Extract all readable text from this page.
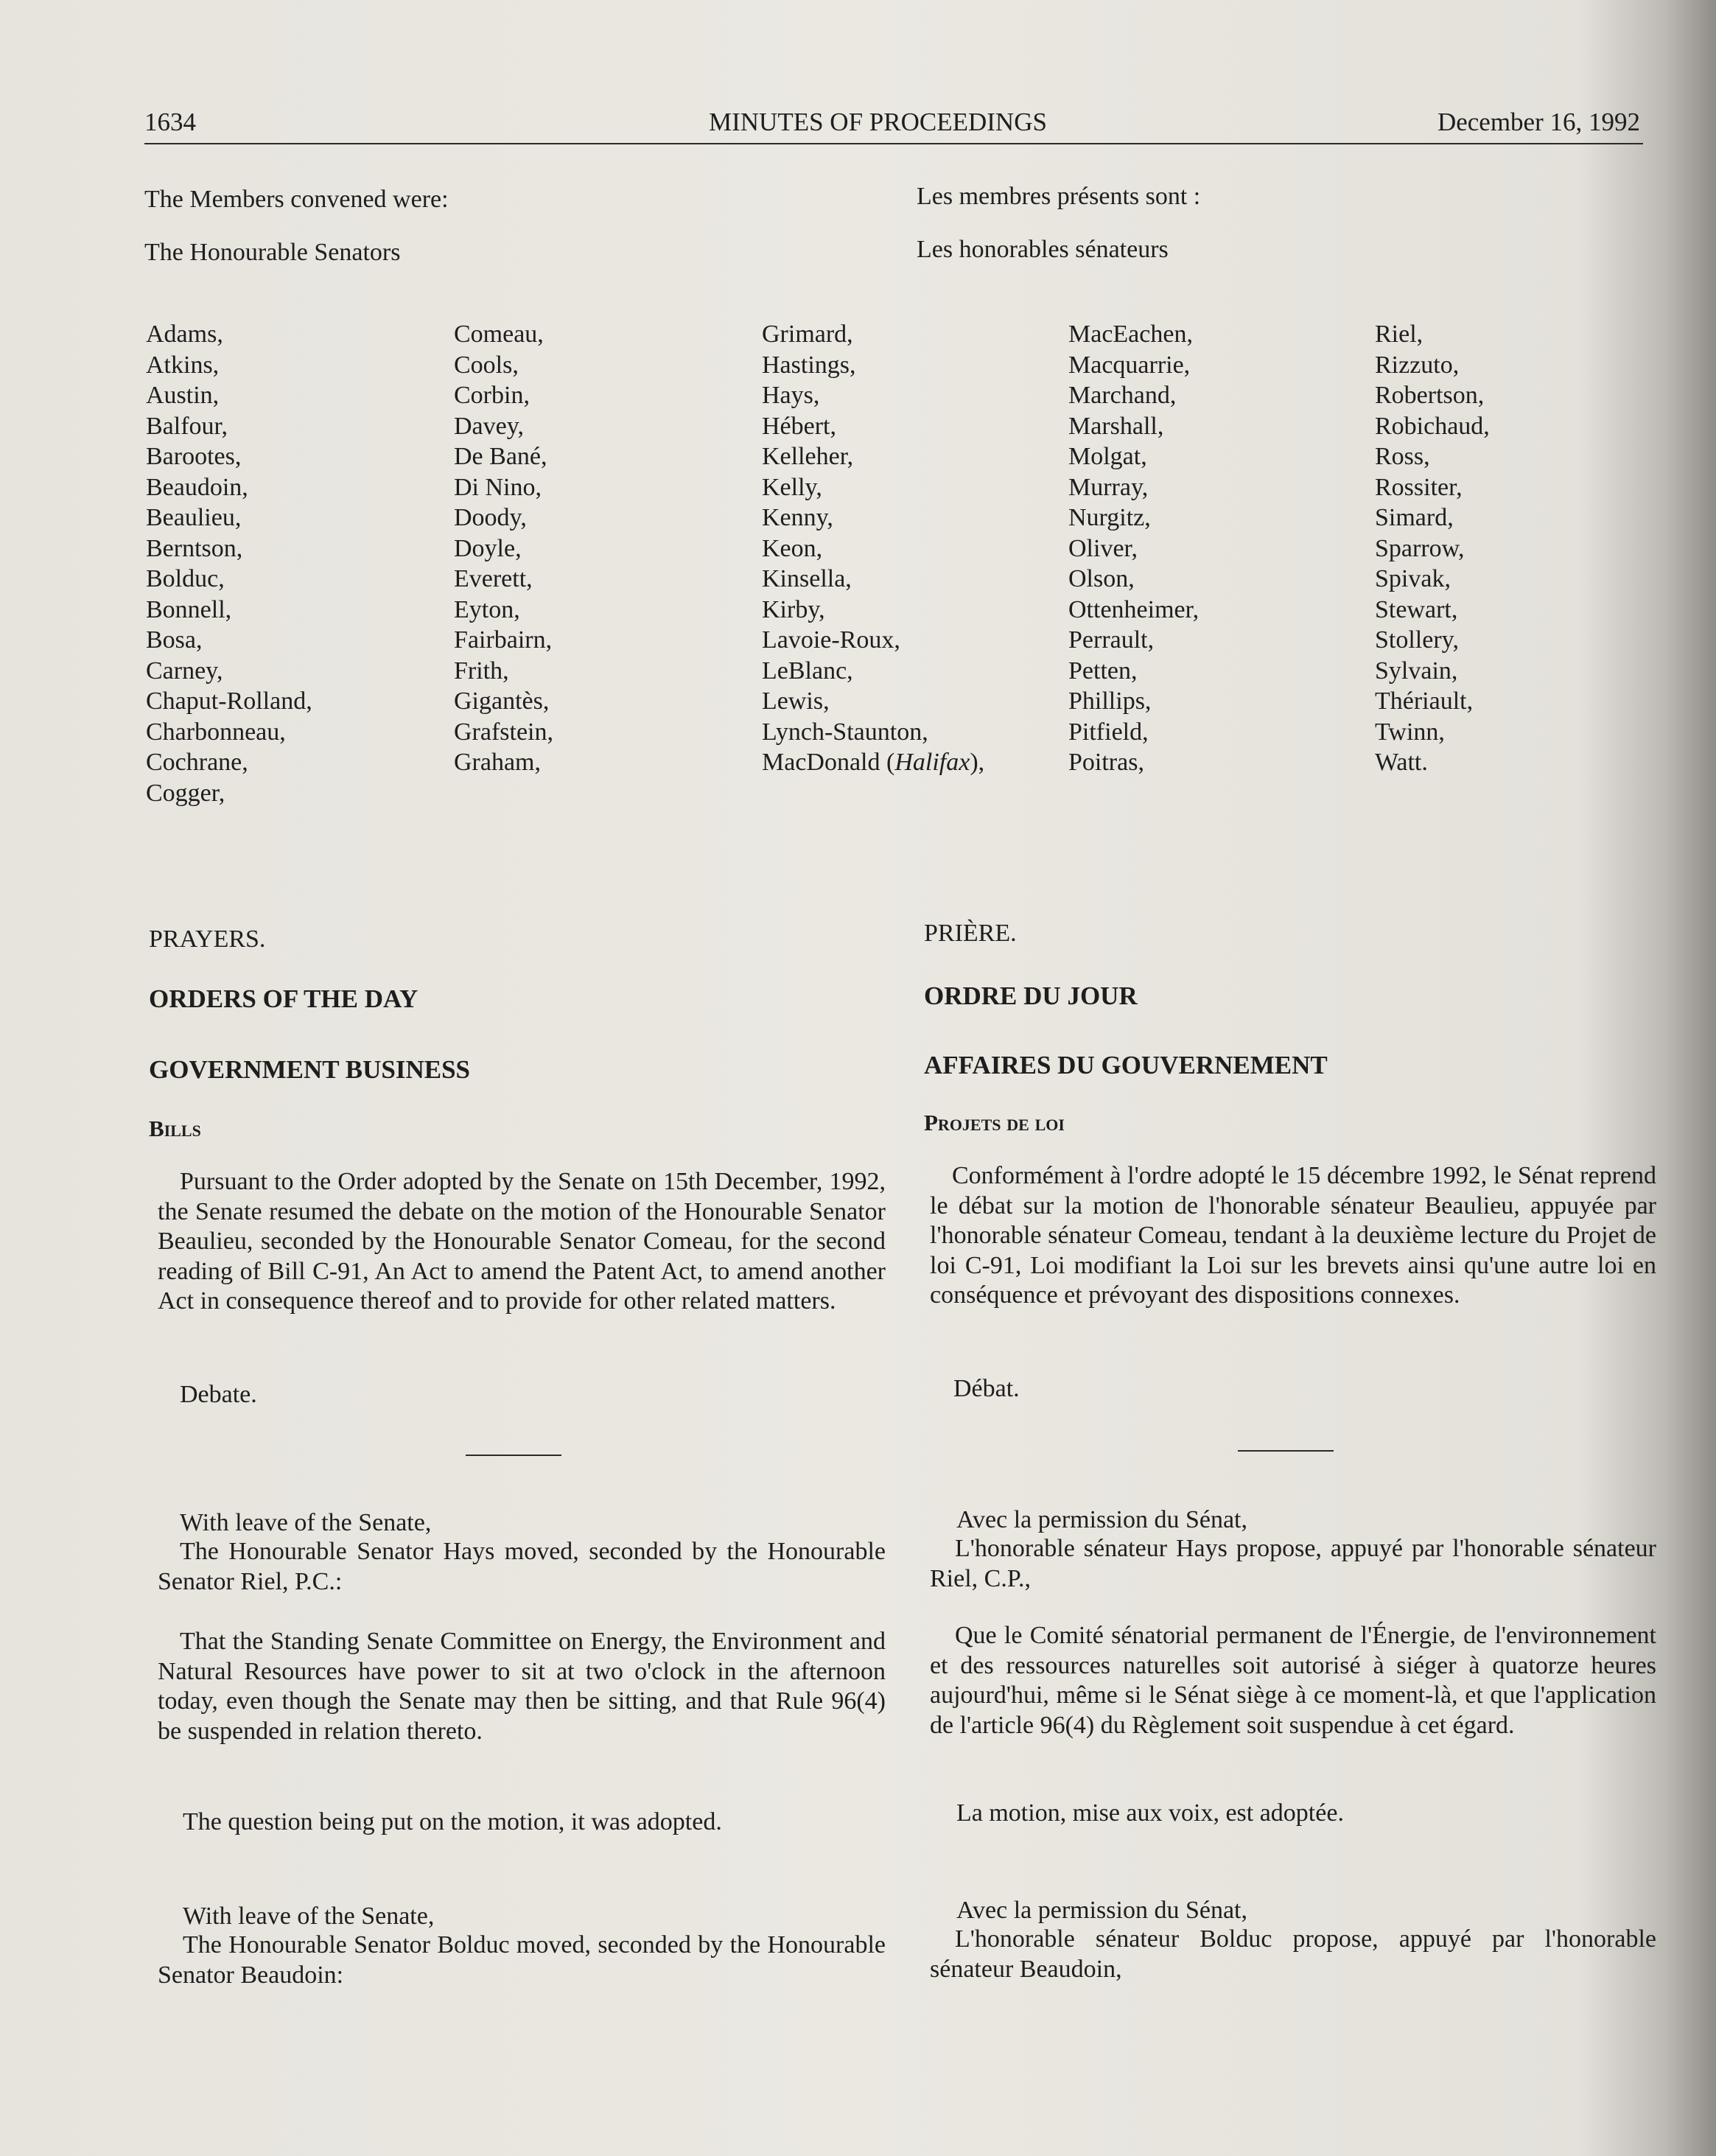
1634	MINUTES OF PROCEEDINGS	December 16, 1992
The Members convened were:
The Honourable Senators
Les membres présents sont :
Les honorables sénateurs
Adams,
Atkins,
Austin,
Balfour,
Barootes,
Beaudoin,
Beaulieu,
Berntson,
Bolduc,
Bonnell,
Bosa,
Carney,
Chaput-Rolland,
Charbonneau,
Cochrane,
Cogger,
Comeau,
Cools,
Corbin,
Davey,
De Bané,
Di Nino,
Doody,
Doyle,
Everett,
Eyton,
Fairbairn,
Frith,
Gigantès,
Grafstein,
Graham,
Grimard,
Hastings,
Hays,
Hébert,
Kelleher,
Kelly,
Kenny,
Keon,
Kinsella,
Kirby,
Lavoie-Roux,
LeBlanc,
Lewis,
Lynch-Staunton,
MacDonald (Halifax),
MacEachen,
Macquarrie,
Marchand,
Marshall,
Molgat,
Murray,
Nurgitz,
Oliver,
Olson,
Ottenheimer,
Perrault,
Petten,
Phillips,
Pitfield,
Poitras,
Riel,
Rizzuto,
Robertson,
Robichaud,
Ross,
Rossiter,
Simard,
Sparrow,
Spivak,
Stewart,
Stollery,
Sylvain,
Thériault,
Twinn,
Watt.
PRAYERS.
ORDERS OF THE DAY
GOVERNMENT BUSINESS
Bills

Pursuant to the Order adopted by the Senate on 15th December, 1992, the Senate resumed the debate on the motion of the Honourable Senator Beaulieu, seconded by the Honourable Senator Comeau, for the second reading of Bill C-91, An Act to amend the Patent Act, to amend another Act in consequence thereof and to provide for other related matters.

Debate.
With leave of the Senate,

The Honourable Senator Hays moved, seconded by the Honourable Senator Riel, P.C.:

That the Standing Senate Committee on Energy, the Environment and Natural Resources have power to sit at two o'clock in the afternoon today, even though the Senate may then be sitting, and that Rule 96(4) be suspended in relation thereto.

The question being put on the motion, it was adopted.
With leave of the Senate,

The Honourable Senator Bolduc moved, seconded by the Honourable Senator Beaudoin:

PRIÈRE.
ORDRE DU JOUR
AFFAIRES DU GOUVERNEMENT
Projets de loi

Conformément à l'ordre adopté le 15 décembre 1992, le Sénat reprend le débat sur la motion de l'honorable sénateur Beaulieu, appuyée par l'honorable sénateur Comeau, tendant à la deuxième lecture du Projet de loi C-91, Loi modifiant la Loi sur les brevets ainsi qu'une autre loi en conséquence et prévoyant des dispositions connexes.

Débat.
Avec la permission du Sénat,

L'honorable sénateur Hays propose, appuyé par l'honorable sénateur Riel, C.P.,

Que le Comité sénatorial permanent de l'Énergie, de l'environnement et des ressources naturelles soit autorisé à siéger à quatorze heures aujourd'hui, même si le Sénat siège à ce moment-là, et que l'application de l'article 96(4) du Règlement soit suspendue à cet égard.

La motion, mise aux voix, est adoptée.
Avec la permission du Sénat,

L'honorable sénateur Bolduc propose, appuyé par l'honorable sénateur Beaudoin,
